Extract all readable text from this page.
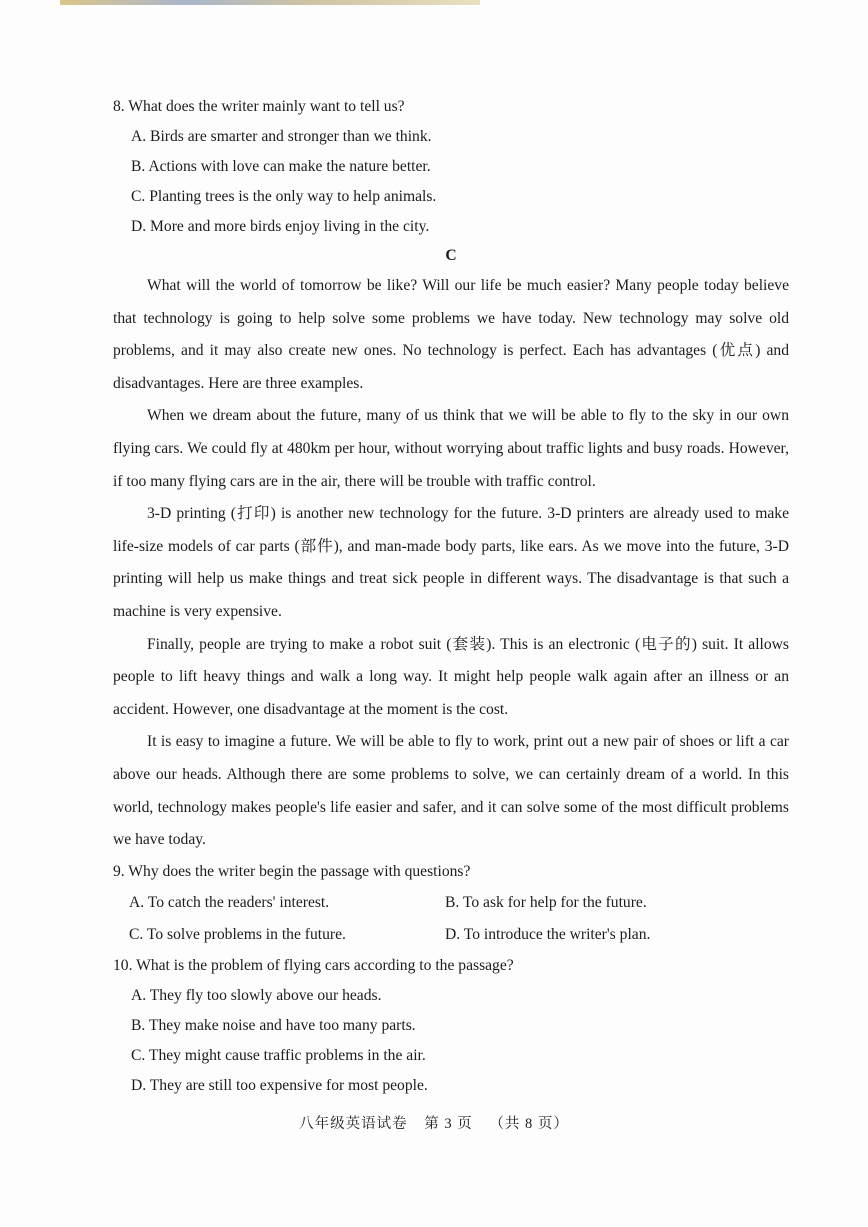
8. What does the writer mainly want to tell us?

A. Birds are smarter and stronger than we think.

B. Actions with love can make the nature better.

C. Planting trees is the only way to help animals.

D. More and more birds enjoy living in the city.

C

What will the world of tomorrow be like? Will our life be much easier? Many people today believe that technology is going to help solve some problems we have today. New technology may solve old problems, and it may also create new ones. No technology is perfect. Each has advantages (优点) and disadvantages. Here are three examples.

When we dream about the future, many of us think that we will be able to fly to the sky in our own flying cars. We could fly at 480km per hour, without worrying about traffic lights and busy roads. However, if too many flying cars are in the air, there will be trouble with traffic control.

3-D printing (打印) is another new technology for the future. 3-D printers are already used to make life-size models of car parts (部件), and man-made body parts, like ears. As we move into the future, 3-D printing will help us make things and treat sick people in different ways. The disadvantage is that such a machine is very expensive.

Finally, people are trying to make a robot suit (套装). This is an electronic (电子的) suit. It allows people to lift heavy things and walk a long way. It might help people walk again after an illness or an accident. However, one disadvantage at the moment is the cost.

It is easy to imagine a future. We will be able to fly to work, print out a new pair of shoes or lift a car above our heads. Although there are some problems to solve, we can certainly dream of a world. In this world, technology makes people's life easier and safer, and it can solve some of the most difficult problems we have today.

9. Why does the writer begin the passage with questions?

A. To catch the readers' interest.	B. To ask for help for the future.
C. To solve problems in the future.	D. To introduce the writer's plan.

10. What is the problem of flying cars according to the passage?

A. They fly too slowly above our heads.

B. They make noise and have too many parts.

C. They might cause traffic problems in the air.

D. They are still too expensive for most people.

八年级英语试卷 第 3 页 （共 8 页）
